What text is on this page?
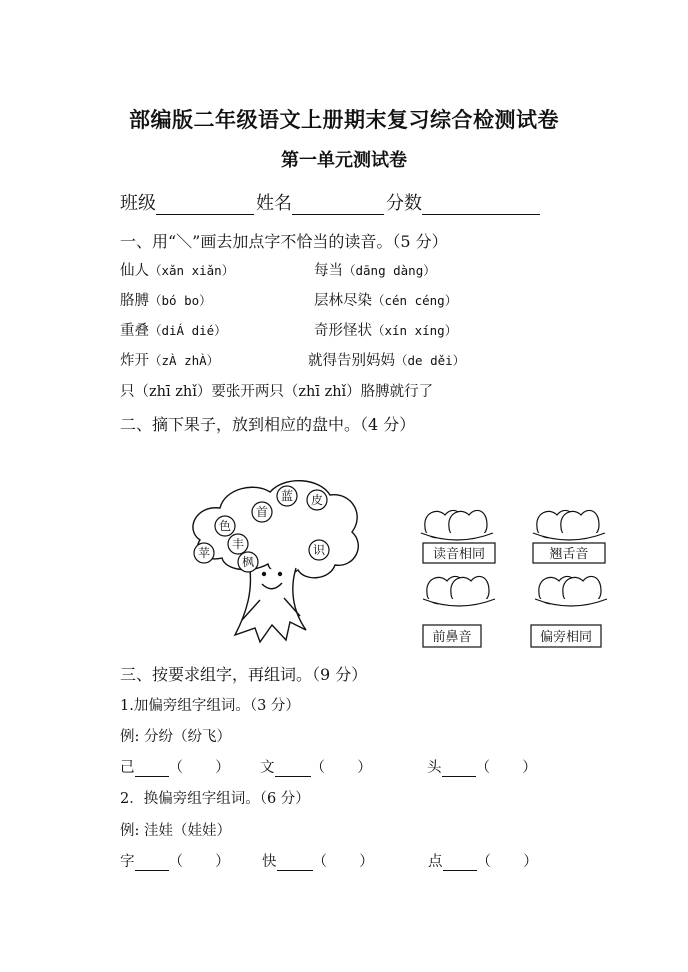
部编版二年级语文上册期末复习综合检测试卷
第一单元测试卷
班级	姓名	分数
一、用“＼”画去加点字不恰当的读音。（5 分）
仙人（xǎn xiǎn）	每当（dāng dàng）
胳膊（bó bo）	层林尽染（cén céng）
重叠（diÁ dié）	奇形怪状（xín xíng）
炸开（zÀ zhÀ）	就得告别妈妈（de děi）
只（zhī zhǐ）要张开两只（zhī zhǐ）胳膊就行了
二、摘下果子，放到相应的盘中。（4 分）
苹
色
丰
枫
首
蓝 皮
识	读音相同	翘舌音
前鼻音	偏旁相同
三、按要求组字，再组词。（9 分）
1.加偏旁组字组词。（3 分）
例: 分纷（纷飞）
己 （       ）	文 （       ）	头 （       ）
2．换偏旁组字组词。（6 分）
例: 洼娃（娃娃）
字 （       ）	快 （       ）	点 （       ）
